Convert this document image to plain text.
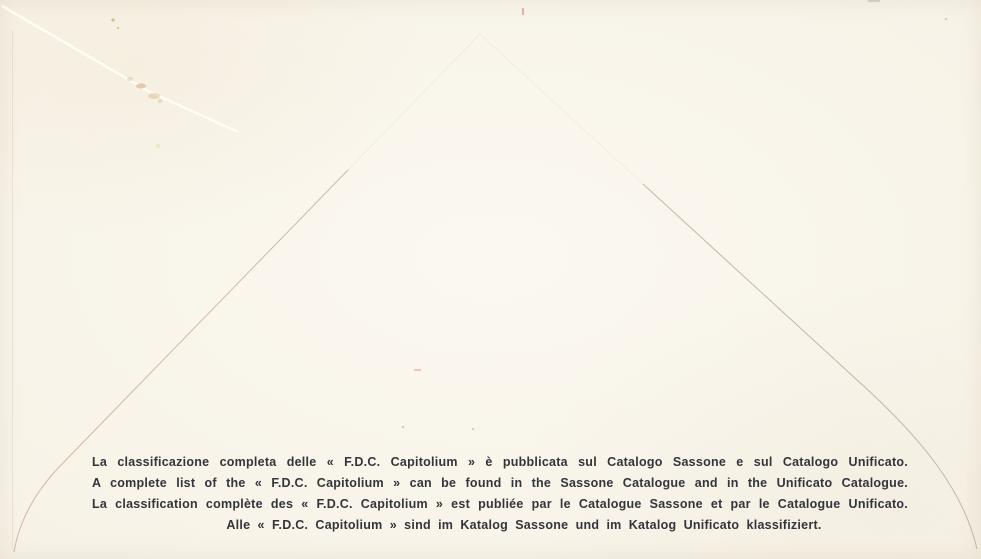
La classificazione completa delle « F.D.C. Capitolium » è pubblicata sul Catalogo Sassone e sul Catalogo Unificato.
A complete list of the « F.D.C. Capitolium » can be found in the Sassone Catalogue and in the Unificato Catalogue.
La classification complète des « F.D.C. Capitolium » est publiée par le Catalogue Sassone et par le Catalogue Unificato.
Alle « F.D.C. Capitolium » sind im Katalog Sassone und im Katalog Unificato klassifiziert.
